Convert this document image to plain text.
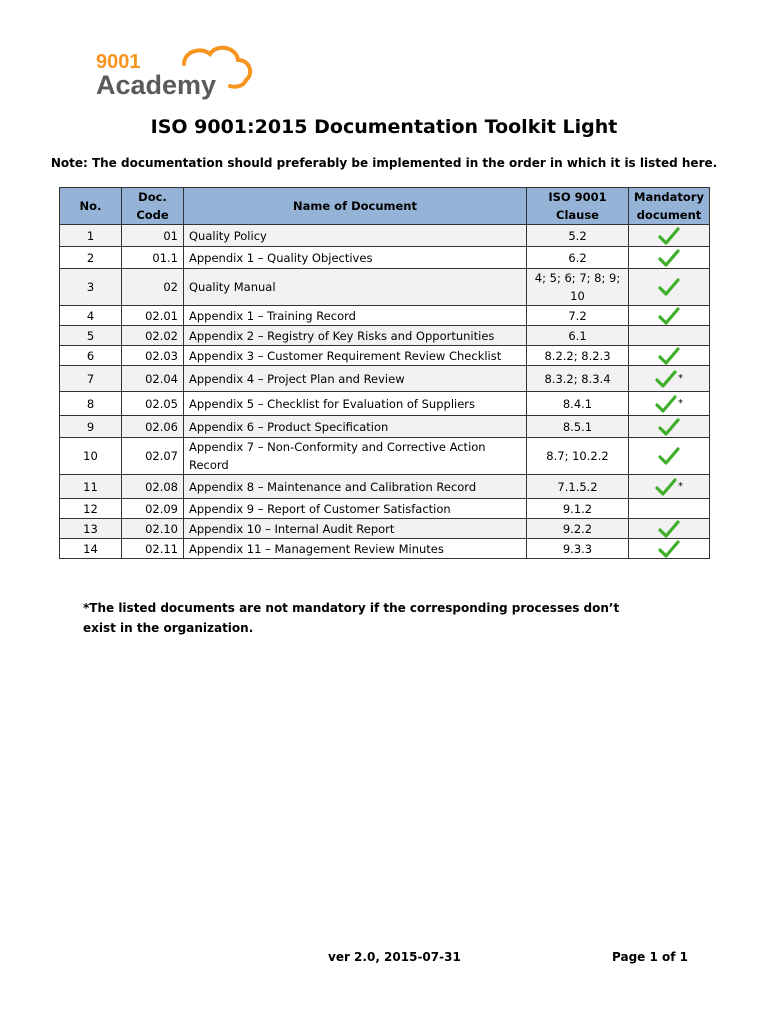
9001
Academy
ISO 9001:2015 Documentation Toolkit Light
Note: The documentation should preferably be implemented in the order in which it is listed here.
No.	Doc. Code	Name of Document	ISO 9001 Clause	Mandatory document
1	01	Quality Policy	5.2	
2	01.1	Appendix 1 – Quality Objectives	6.2	
3	02	Quality Manual	4; 5; 6; 7; 8; 9; 10	
4	02.01	Appendix 1 – Training Record	7.2	
5	02.02	Appendix 2 – Registry of Key Risks and Opportunities	6.1	
6	02.03	Appendix 3 – Customer Requirement Review Checklist	8.2.2; 8.2.3	
7	02.04	Appendix 4 – Project Plan and Review	8.3.2; 8.3.4	*
8	02.05	Appendix 5 – Checklist for Evaluation of Suppliers	8.4.1	*
9	02.06	Appendix 6 – Product Specification	8.5.1	
10	02.07	Appendix 7 – Non-Conformity and Corrective Action Record	8.7; 10.2.2	
11	02.08	Appendix 8 – Maintenance and Calibration Record	7.1.5.2	*
12	02.09	Appendix 9 – Report of Customer Satisfaction	9.1.2	
13	02.10	Appendix 10 – Internal Audit Report	9.2.2	
14	02.11	Appendix 11 – Management Review Minutes	9.3.3	
*The listed documents are not mandatory if the corresponding processes don’t exist in the organization.
ver 2.0, 2015-07-31	Page 1 of 1
